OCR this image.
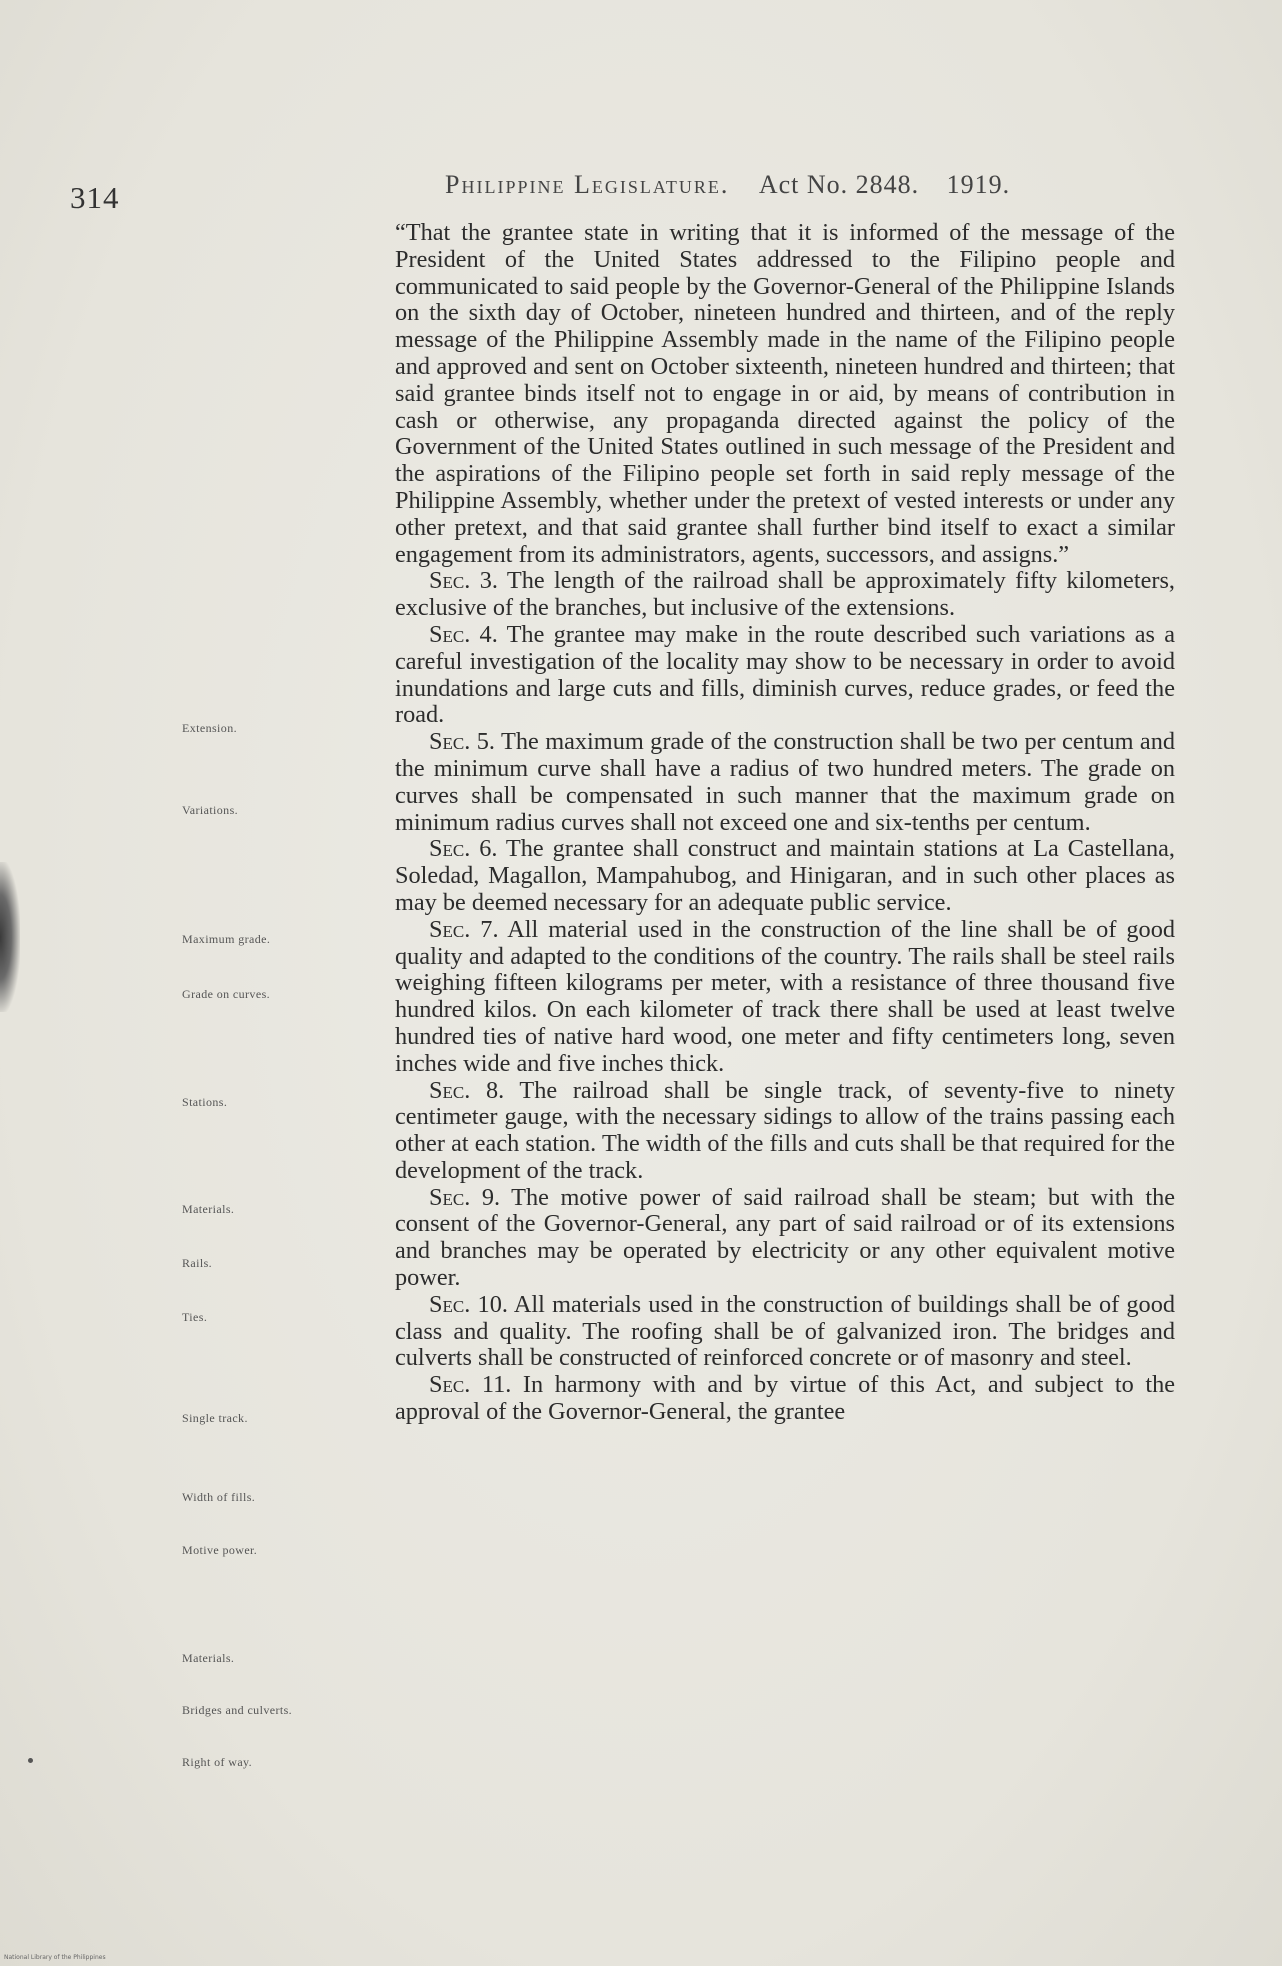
314	Philippine Legislature. Act No. 2848. 1919.
Extension.
Variations.
Maximum grade.
Grade on curves.
Stations.
Materials.
Rails.
Ties.
Single track.
Width of fills.
Motive power.
Materials.
Bridges and culverts.
Right of way.

“That the grantee state in writing that it is informed of the message of the President of the United States addressed to the Filipino people and communicated to said people by the Governor-General of the Philippine Islands on the sixth day of October, nineteen hundred and thirteen, and of the reply message of the Philippine Assembly made in the name of the Filipino people and approved and sent on October sixteenth, nineteen hundred and thirteen; that said grantee binds itself not to engage in or aid, by means of contribution in cash or otherwise, any propaganda directed against the policy of the Government of the United States outlined in such message of the President and the aspirations of the Filipino people set forth in said reply message of the Philippine Assembly, whether under the pretext of vested interests or under any other pretext, and that said grantee shall further bind itself to exact a similar engagement from its administrators, agents, successors, and assigns.”

Sec. 3. The length of the railroad shall be approximately fifty kilometers, exclusive of the branches, but inclusive of the extensions.

Sec. 4. The grantee may make in the route described such variations as a careful investigation of the locality may show to be necessary in order to avoid inundations and large cuts and fills, diminish curves, reduce grades, or feed the road.

Sec. 5. The maximum grade of the construction shall be two per centum and the minimum curve shall have a radius of two hundred meters. The grade on curves shall be compensated in such manner that the maximum grade on minimum radius curves shall not exceed one and six-tenths per centum.

Sec. 6. The grantee shall construct and maintain stations at La Castellana, Soledad, Magallon, Mampahubog, and Hinigaran, and in such other places as may be deemed necessary for an adequate public service.

Sec. 7. All material used in the construction of the line shall be of good quality and adapted to the conditions of the country. The rails shall be steel rails weighing fifteen kilograms per meter, with a resistance of three thousand five hundred kilos. On each kilometer of track there shall be used at least twelve hundred ties of native hard wood, one meter and fifty centimeters long, seven inches wide and five inches thick.

Sec. 8. The railroad shall be single track, of seventy-five to ninety centimeter gauge, with the necessary sidings to allow of the trains passing each other at each station. The width of the fills and cuts shall be that required for the development of the track.

Sec. 9. The motive power of said railroad shall be steam; but with the consent of the Governor-General, any part of said railroad or of its extensions and branches may be operated by electricity or any other equivalent motive power.

Sec. 10. All materials used in the construction of buildings shall be of good class and quality. The roofing shall be of galvanized iron. The bridges and culverts shall be constructed of reinforced concrete or of masonry and steel.

Sec. 11. In harmony with and by virtue of this Act, and subject to the approval of the Governor-General, the grantee

National Library of the Philippines
